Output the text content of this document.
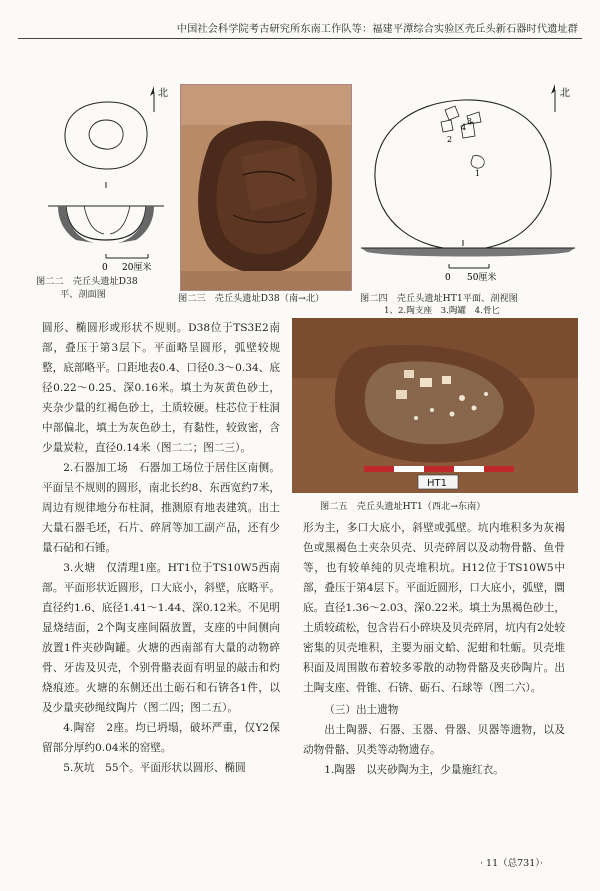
中国社会科学院考古研究所东南工作队等：福建平潭综合实验区壳丘头新石器时代遗址群
北
0 20厘米
图二二　壳丘头遗址D38
平、剖面图	图二三　壳丘头遗址D38（南→北）
北
2
3
4
1
0 50厘米
图二四　壳丘头遗址HT1平面、剖视图
1、2.陶支座　3.陶罐　4.骨匕

圆形、椭圆形或形状不规则。D38位于TS3E2南部，叠压于第3层下。平面略呈圆形，弧壁较规整，底部略平。口距地表0.4、口径0.3～0.34、底径0.22～0.25、深0.16米。填土为灰黄色砂土，夹杂少量的红褐色砂土，土质较硬。柱芯位于柱洞中部偏北，填土为灰色砂土，有黏性，较致密，含少量炭粒，直径0.14米（图二二；图二三）。

2.石器加工场　石器加工场位于居住区南侧。平面呈不规则的圆形，南北长约8、东西宽约7米，周边有规律地分布柱洞，推测原有地表建筑。出土大量石器毛坯，石片、碎屑等加工副产品，还有少量石砧和石锤。

3.火塘　仅清理1座。HT1位于TS10W5西南部。平面形状近圆形，口大底小，斜壁，底略平。直径约1.6、底径1.41～1.44、深0.12米。不见明显烧结面，2个陶支座间隔放置，支座的中间侧向放置1件夹砂陶罐。火塘的西南部有大量的动物碎骨、牙齿及贝壳，个别骨骼表面有明显的敲击和灼烧痕迹。火塘的东侧还出土砺石和石锛各1件，以及少量夹砂绳纹陶片（图二四；图二五）。

4.陶窑　2座。均已坍塌，破坏严重，仅Y2保留部分厚约0.04米的窑壁。

5.灰坑　55个。平面形状以圆形、椭圆

HT1
图二五　壳丘头遗址HT1（西北→东南）

形为主，多口大底小，斜壁或弧壁。坑内堆积多为灰褐色或黑褐色土夹杂贝壳、贝壳碎屑以及动物骨骼、鱼骨等，也有较单纯的贝壳堆积坑。H12位于TS10W5中部，叠压于第4层下。平面近圆形，口大底小，弧壁，圜底。直径1.36～2.03、深0.22米。填土为黑褐色砂土，土质较疏松，包含岩石小碎块及贝壳碎屑，坑内有2处较密集的贝壳堆积，主要为丽文蛤、泥蚶和牡蛎。贝壳堆积面及周围散布着较多零散的动物骨骼及夹砂陶片。出土陶支座、骨锥、石锛、砺石、石球等（图二六）。

（三）出土遗物

出土陶器、石器、玉器、骨器、贝器等遗物，以及动物骨骼、贝类等动物遗存。

1.陶器　以夹砂陶为主，少量施红衣。

· 11（总731）·
